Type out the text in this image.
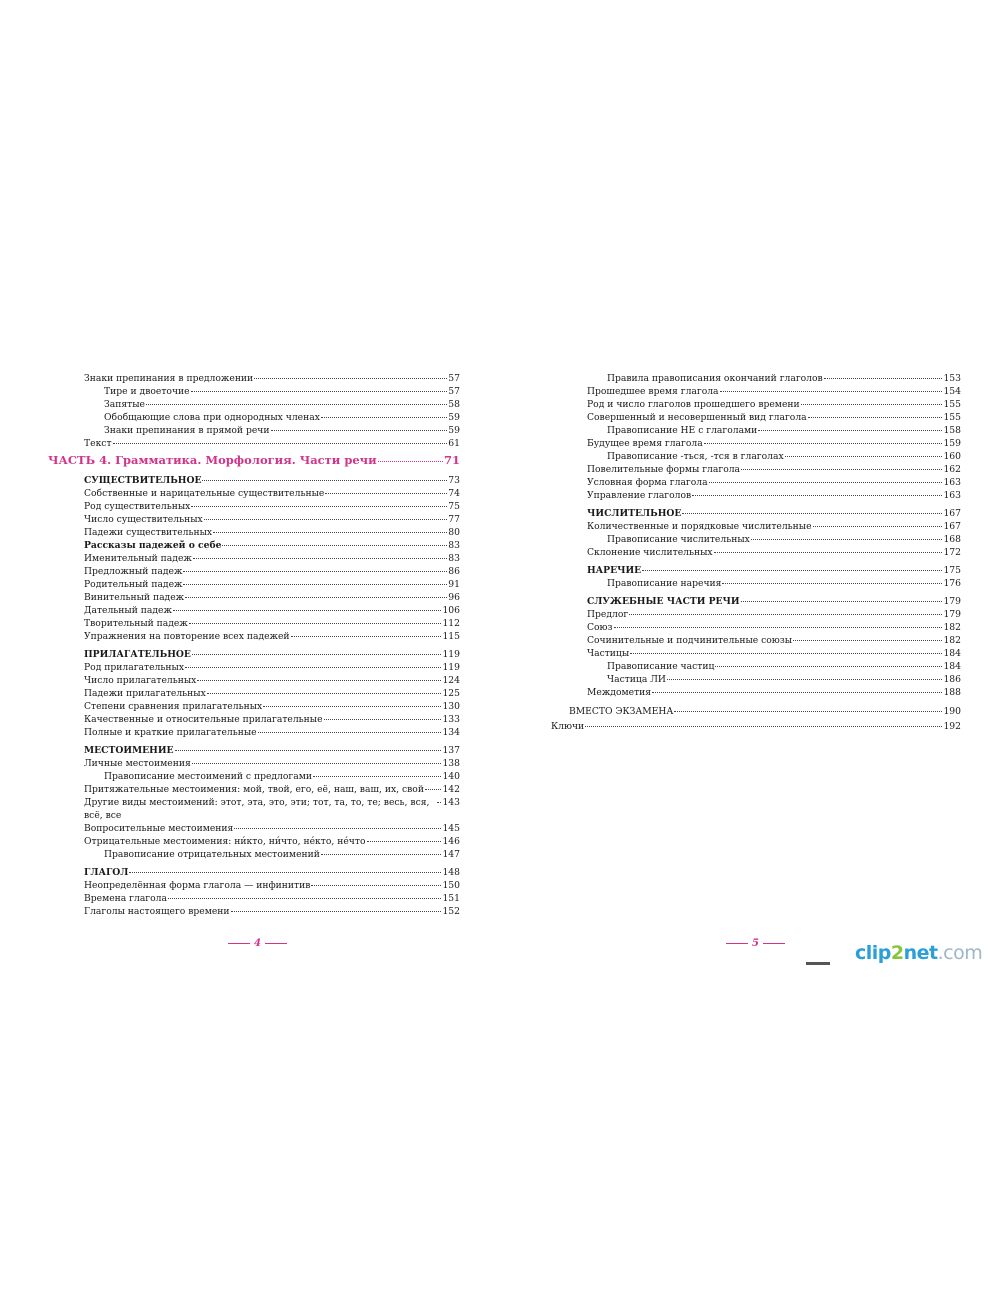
Знаки препинания в предложении	57
Тире и двоеточие	57
Запятые	58
Обобщающие слова при однородных членах	59
Знаки препинания в прямой речи	59
Текст	61
ЧАСТЬ 4. Грамматика. Морфология. Части речи	71
СУЩЕСТВИТЕЛЬНОЕ	73
Собственные и нарицательные существительные	74
Род существительных	75
Число существительных	77
Падежи существительных	80
Рассказы падежей о себе	83
Именительный падеж	83
Предложный падеж	86
Родительный падеж	91
Винительный падеж	96
Дательный падеж	106
Творительный падеж	112
Упражнения на повторение всех падежей	115
ПРИЛАГАТЕЛЬНОЕ	119
Род прилагательных	119
Число прилагательных	124
Падежи прилагательных	125
Степени сравнения прилагательных	130
Качественные и относительные прилагательные	133
Полные и краткие прилагательные	134
МЕСТОИМЕНИЕ	137
Личные местоимения	138
Правописание местоимений с предлогами	140
Притяжательные местоимения: мой, твой, его, её, наш, ваш, их, свой 142
Другие виды местоимений: этот, эта, это, эти; тот, та, то, те; весь, вся, всё, все
143
Вопросительные местоимения	145
Отрицательные местоимения: ни́кто, ни́что, не́кто, не́что	146
Правописание отрицательных местоимений	147
ГЛАГОЛ	148
Неопределённая форма глагола — инфинитив	150
Времена глагола	151
Глаголы настоящего времени	152
Правила правописания окончаний глаголов	153
Прошедшее время глагола	154
Род и число глаголов прошедшего времени	155
Совершенный и несовершенный вид глагола	155
Правописание НЕ с глаголами	158
Будущее время глагола	159
Правописание -ться, -тся в глаголах	160
Повелительные формы глагола	162
Условная форма глагола	163
Управление глаголов	163
ЧИСЛИТЕЛЬНОЕ	167
Количественные и порядковые числительные	167
Правописание числительных	168
Склонение числительных	172
НАРЕЧИЕ	175
Правописание наречия	176
СЛУЖЕБНЫЕ ЧАСТИ РЕЧИ	179
Предлог	179
Союз	182
Сочинительные и подчинительные союзы	182
Частицы	184
Правописание частиц	184
Частица ЛИ	186
Междометия	188
ВМЕСТО ЭКЗАМЕНА	190
Ключи	192
4	5	clip2net.com
